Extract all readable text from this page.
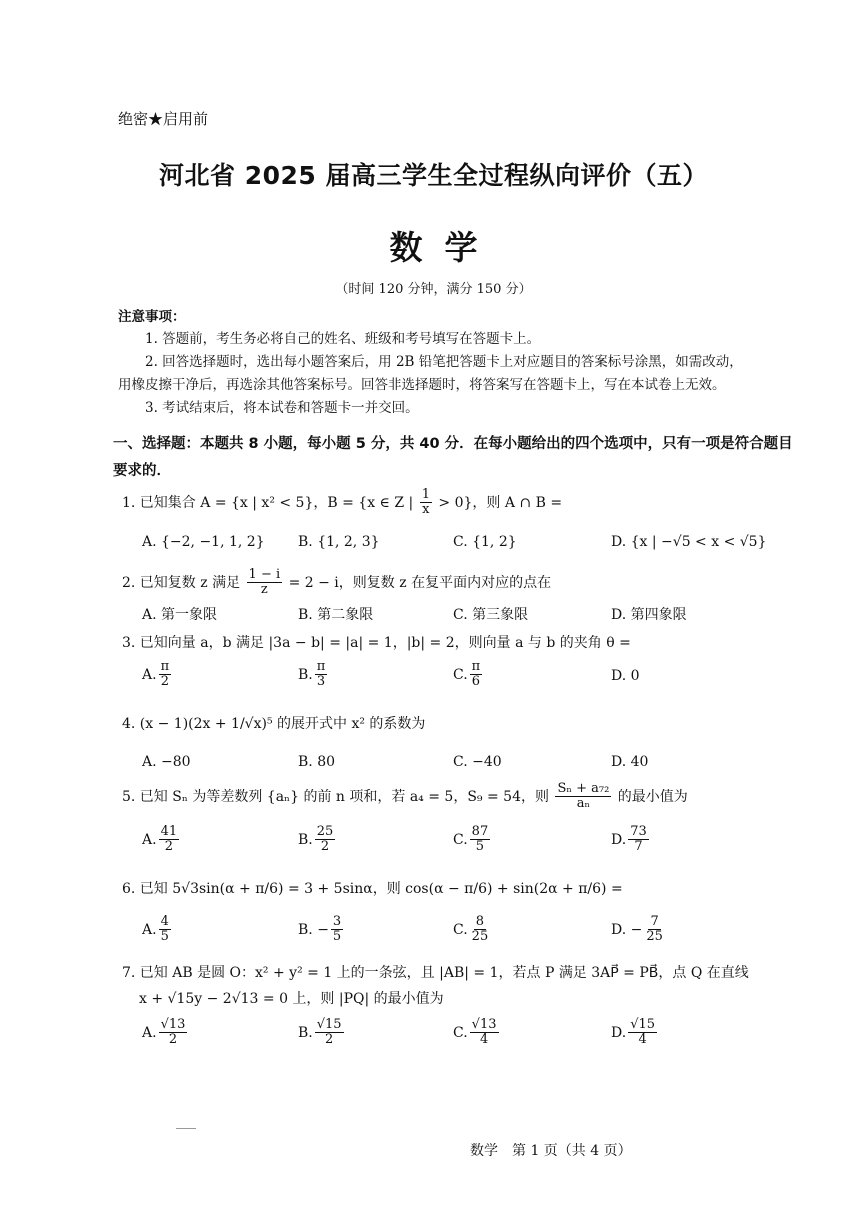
绝密★启用前
河北省 2025 届高三学生全过程纵向评价（五）
数学
（时间 120 分钟，满分 150 分）
注意事项：
1. 答题前，考生务必将自己的姓名、班级和考号填写在答题卡上。
2. 回答选择题时，选出每小题答案后，用 2B 铅笔把答题卡上对应题目的答案标号涂黑，如需改动，
用橡皮擦干净后，再选涂其他答案标号。回答非选择题时，将答案写在答题卡上，写在本试卷上无效。
3. 考试结束后，将本试卷和答题卡一并交回。
一、选择题：本题共 8 小题，每小题 5 分，共 40 分．在每小题给出的四个选项中，只有一项是符合题目要求的．
1. 已知集合 A = {x | x² < 5}，B = {x ∈ Z | $\frac{1}{x} > 0$}，则 A ∩ B =
A. {−2, −1, 1, 2} B. {1, 2, 3}	C. {1, 2}	D. {x | −√5 < x < √5}
2. 已知复数 z 满足 $\frac{1 - i}{z} = 2 - i$，则复数 z 在复平面内对应的点在
A. 第一象限	B. 第二象限	C. 第三象限	D. 第四象限
3. 已知向量 a，b 满足 |3a − b| = |a| = 1，|b| = 2，则向量 a 与 b 的夹角 θ =
A. $\frac{\pi}{2}$	B. $\frac{\pi}{3}$	C. $\frac{\pi}{6}$	D. 0
4. (x − 1)(2x + 1/√x)⁵ 的展开式中 x² 的系数为
A. −80	B. 80	C. −40	D. 40
5. 已知 Sₙ 为等差数列 {aₙ} 的前 n 项和，若 a₄ = 5，S₉ = 54，则 $\frac{\text{Sₙ + a₇₂}}{\text{aₙ}}$ 的最小值为
A. $\frac{41}{2}$	B. $\frac{25}{2}$	C. $\frac{87}{5}$	D. $\frac{73}{7}$
6. 已知 5√3sin(α + π/6) = 3 + 5sinα，则 cos(α − π/6) + sin(2α + π/6) =
A. $\frac{4}{5}$	B. − $\frac{3}{5}$	C. $\frac{8}{25}$	D. − $\frac{7}{25}$
7. 已知 AB 是圆 O：x² + y² = 1 上的一条弦，且 |AB| = 1，若点 P 满足 3AP⃗ = PB⃗，点 Q 在直线
x + √15y − 2√13 = 0 上，则 |PQ| 的最小值为
A. $\frac{√13}{2}$	B. $\frac{√15}{2}$	C. $\frac{√13}{4}$	D. $\frac{√15}{4}$
数学　第 1 页（共 4 页）
